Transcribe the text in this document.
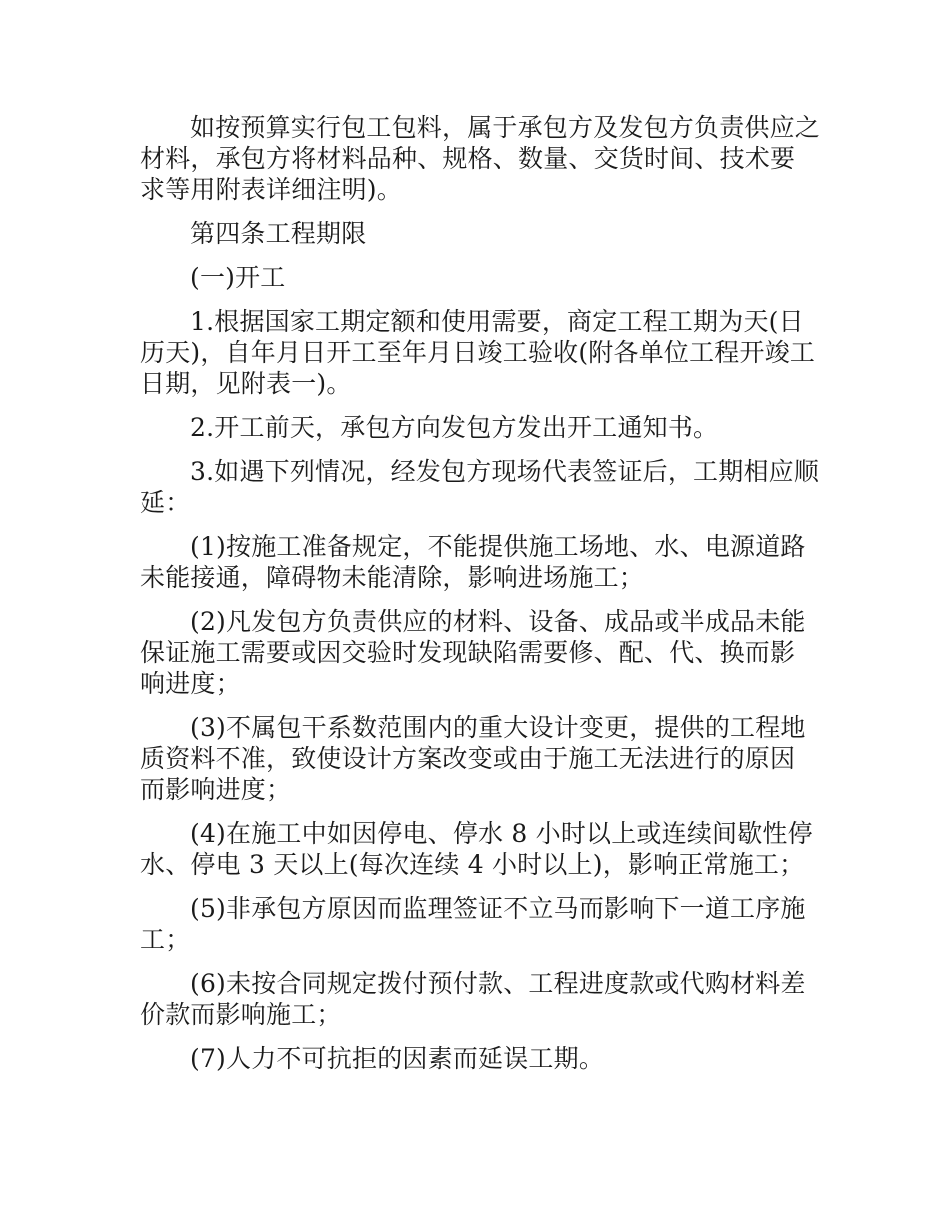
如按预算实行包工包料，属于承包方及发包方负责供应之材料，承包方将材料品种、规格、数量、交货时间、技术要求等用附表详细注明)。

第四条工程期限

(一)开工

1.根据国家工期定额和使用需要，商定工程工期为天(日历天)，自年月日开工至年月日竣工验收(附各单位工程开竣工日期，见附表一)。

2.开工前天，承包方向发包方发出开工通知书。

3.如遇下列情况，经发包方现场代表签证后，工期相应顺延：

(1)按施工准备规定，不能提供施工场地、水、电源道路未能接通，障碍物未能清除，影响进场施工；

(2)凡发包方负责供应的材料、设备、成品或半成品未能保证施工需要或因交验时发现缺陷需要修、配、代、换而影响进度；

(3)不属包干系数范围内的重大设计变更，提供的工程地质资料不准，致使设计方案改变或由于施工无法进行的原因而影响进度；

(4)在施工中如因停电、停水 8 小时以上或连续间歇性停水、停电 3 天以上(每次连续 4 小时以上)，影响正常施工；

(5)非承包方原因而监理签证不立马而影响下一道工序施工；

(6)未按合同规定拨付预付款、工程进度款或代购材料差价款而影响施工；

(7)人力不可抗拒的因素而延误工期。
